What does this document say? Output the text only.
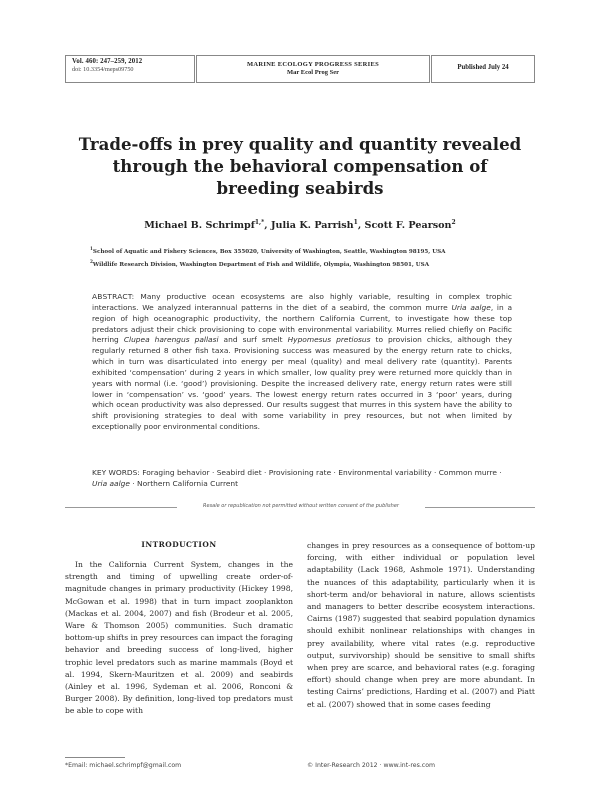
Vol. 460: 247–259, 2012
doi: 10.3354/meps09750
MARINE ECOLOGY PROGRESS SERIES
Mar Ecol Prog Ser
Published July 24
Trade-offs in prey quality and quantity revealed through the behavioral compensation of breeding seabirds
Michael B. Schrimpf$^{1,*}$, Julia K. Parrish$^1$, Scott F. Pearson$^2$
$^1$School of Aquatic and Fishery Sciences, Box 355020, University of Washington, Seattle, Washington 98195, USA
$^2$Wildlife Research Division, Washington Department of Fish and Wildlife, Olympia, Washington 98501, USA
ABSTRACT: Many productive ocean ecosystems are also highly variable, resulting in complex trophic interactions. We analyzed interannual patterns in the diet of a seabird, the common murre Uria aalge, in a region of high oceanographic productivity, the northern California Current, to investigate how these top predators adjust their chick provisioning to cope with environmental variability. Murres relied chiefly on Pacific herring Clupea harengus pallasi and surf smelt Hypomesus pretiosus to provision chicks, although they regularly returned 8 other fish taxa. Provisioning success was measured by the energy return rate to chicks, which in turn was disarticulated into energy per meal (quality) and meal delivery rate (quantity). Parents exhibited ‘compensation’ during 2 years in which smaller, low quality prey were returned more quickly than in years with normal (i.e. ‘good’) provisioning. Despite the increased delivery rate, energy return rates were still lower in ‘compensation’ vs. ‘good’ years. The lowest energy return rates occurred in 3 ‘poor’ years, during which ocean productivity was also depressed. Our results suggest that murres in this system have the ability to shift provisioning strategies to deal with some variability in prey resources, but not when limited by exceptionally poor environmental conditions.
KEY WORDS: Foraging behavior · Seabird diet · Provisioning rate · Environmental variability · Common murre · Uria aalge · Northern California Current
Resale or republication not permitted without written consent of the publisher
INTRODUCTION

In the California Current System, changes in the strength and timing of upwelling create order-of-magnitude changes in primary productivity (Hickey 1998, McGowan et al. 1998) that in turn impact zooplankton (Mackas et al. 2004, 2007) and fish (Brodeur et al. 2005, Ware & Thomson 2005) communities. Such dramatic bottom-up shifts in prey resources can impact the foraging behavior and breeding success of long-lived, higher trophic level predators such as marine mammals (Boyd et al. 1994, Skern-Mauritzen et al. 2009) and seabirds (Ainley et al. 1996, Sydeman et al. 2006, Ronconi & Burger 2008). By definition, long-lived top predators must be able to cope with

changes in prey resources as a consequence of bottom-up forcing, with either individual or population level adaptability (Lack 1968, Ashmole 1971). Understanding the nuances of this adaptability, particularly when it is short-term and/or behavioral in nature, allows scientists and managers to better describe ecosystem interactions. Cairns (1987) suggested that seabird population dynamics should exhibit nonlinear relationships with changes in prey availability, where vital rates (e.g. reproductive output, survivorship) should be sensitive to small shifts when prey are scarce, and behavioral rates (e.g. foraging effort) should change when prey are more abundant. In testing Cairns’ predictions, Harding et al. (2007) and Piatt et al. (2007) showed that in some cases feeding

*Email: michael.schrimpf@gmail.com	© Inter-Research 2012 · www.int-res.com
